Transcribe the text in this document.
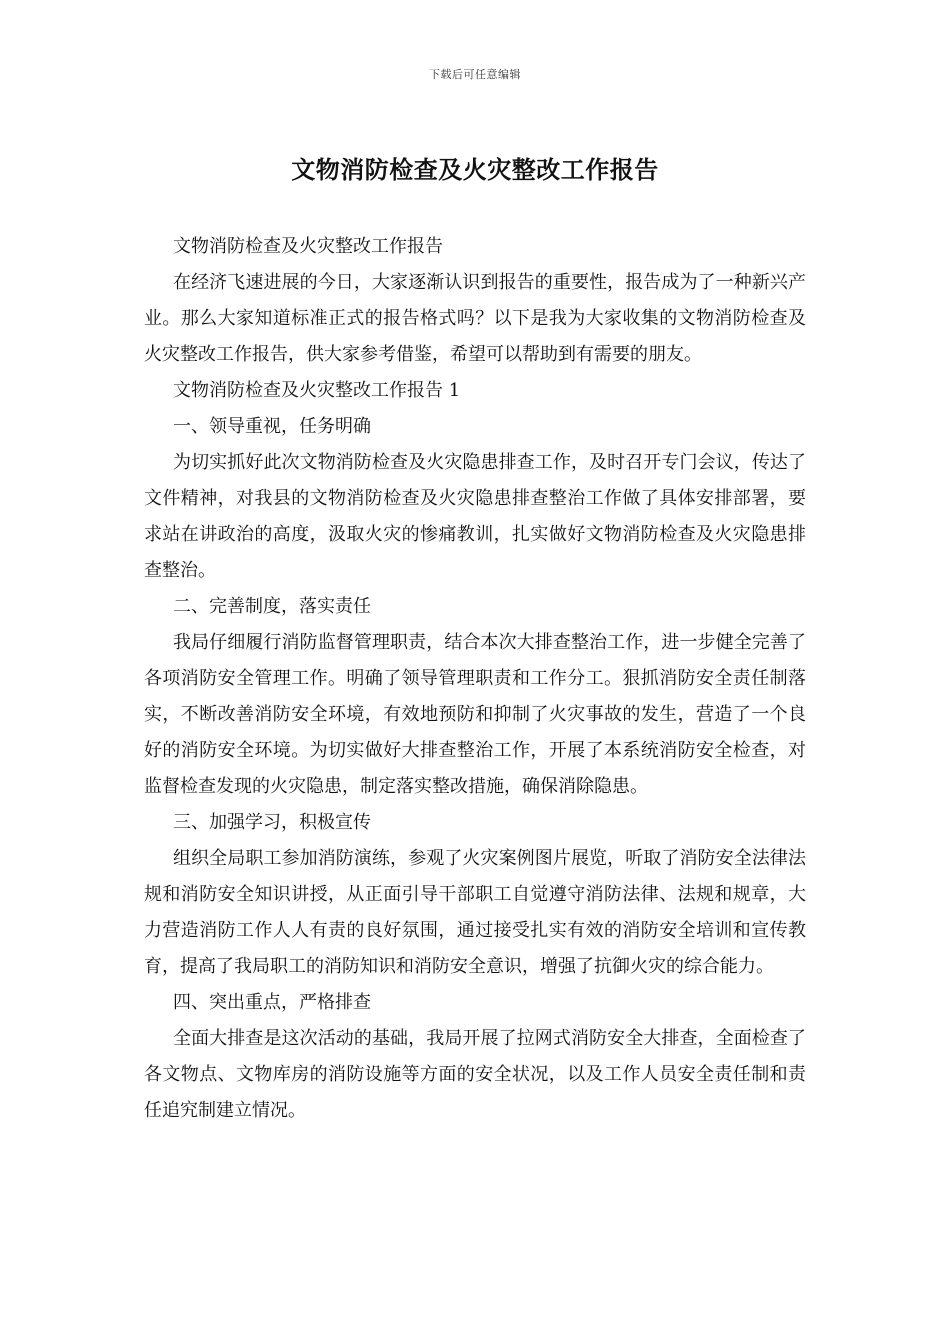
下载后可任意编辑
文物消防检查及火灾整改工作报告

文物消防检查及火灾整改工作报告

在经济飞速进展的今日，大家逐渐认识到报告的重要性，报告成为了一种新兴产业。那么大家知道标准正式的报告格式吗？以下是我为大家收集的文物消防检查及火灾整改工作报告，供大家参考借鉴，希望可以帮助到有需要的朋友。

文物消防检查及火灾整改工作报告 1

一、领导重视，任务明确

为切实抓好此次文物消防检查及火灾隐患排查工作，及时召开专门会议，传达了文件精神，对我县的文物消防检查及火灾隐患排查整治工作做了具体安排部署，要求站在讲政治的高度，汲取火灾的惨痛教训，扎实做好文物消防检查及火灾隐患排查整治。

二、完善制度，落实责任

我局仔细履行消防监督管理职责，结合本次大排查整治工作，进一步健全完善了各项消防安全管理工作。明确了领导管理职责和工作分工。狠抓消防安全责任制落实，不断改善消防安全环境，有效地预防和抑制了火灾事故的发生，营造了一个良好的消防安全环境。为切实做好大排查整治工作，开展了本系统消防安全检查，对监督检查发现的火灾隐患，制定落实整改措施，确保消除隐患。

三、加强学习，积极宣传

组织全局职工参加消防演练，参观了火灾案例图片展览，听取了消防安全法律法规和消防安全知识讲授，从正面引导干部职工自觉遵守消防法律、法规和规章，大力营造消防工作人人有责的良好氛围，通过接受扎实有效的消防安全培训和宣传教育，提高了我局职工的消防知识和消防安全意识，增强了抗御火灾的综合能力。

四、突出重点，严格排查

全面大排查是这次活动的基础，我局开展了拉网式消防安全大排查，全面检查了各文物点、文物库房的消防设施等方面的安全状况，以及工作人员安全责任制和责任追究制建立情况。
